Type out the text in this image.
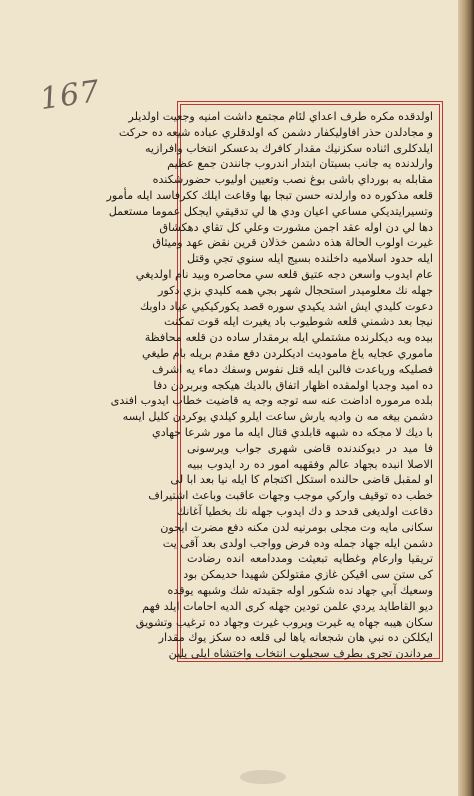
167 اولدقده مكره طرف اعداي لئام مجتمع داشت امنيه وجعيت اولديلر
و مجادلدن حذر افاوليكفار دشمن كه اولدقلري عباده شيعه ده حركت
ايلدكلرى اثناده سكزنيك مقدار كافرك بدعسكر انتخاب وافرازيه
وارلدنده يه جانب بسبتان ابتدار اندروب جانندن جمع عظيم
مقابله به بورداي باشى بوغ نصب وتعيين اوليوب حضورشكنده
قلعه مذكوره ده وارلدنه حسن تبجا بها وقاعت ايلك ككرفاسد ايله مأمور
وتسيرايتديكي مساعي اعيان ودي ها لي تدقيقي ايجكل عموما مستعمل
دها لي دن اوله عقد اجمن مشورت وعلي كل تقاي دهكشاق
غيرت اولوب الحالة هذه دشمن خذلان قرين نقض عهد وميثاق
ايله حدود اسلاميه داخلنده بسيج ايله سنوي تجي وقتل
عام ايدوب واسعن دجه عتيق قلعه سي محاصره وبيد نام اولديغي
جهله نك معلوميدر استحجال شهر بجي همه كليدي بزي دكور
دعوت كليدي ايش اشد يكيدي سوره قصد يكوركيكيي عياد داوبك
نيجا بعد دشمني قلعه شوطيوب باد يغيرت ايله قوت تمكنت
بيده وبه ديكلرنده مشتملي ايله برمقدار ساده دن قلعه محافظة
ماموري عجايه ياغ ماموديت اديكلردن دفع مقدم بريله بام طيغي
فصليكه ورياعدت فالبن ايله قتل نفوس وسفك دماء يه اشرف
ده اميد وجديا اولمقده اظهار اتفاق بالديك هيكجه وبربردن دفا
بلده مرموره اداضت عنه سه توجه وجه يه قاضيت خطاب ايدوب افندى
دشمن بيغه مه ن واديه يارش ساعت ايلرو كيلدي يوكردن كليل ايسه
با ديك لا مجكه ده شبهه قابلدي قتال ايله ما مور شرعا جهادي
فا ميد در ديوكندنده قاضى شهرى جواب ويرسونى
الاصلا انبده بجهاد عالم وفقهيه امور ده رد ايدوب ببيه
او لمقبل قاضى حالنده استكل اكتجام كا ايله نيا بعد ابا لى
خطب ده توقيف واركي موجب وجهات عاقبت وباعث اشتيراف
دقاعت اولديغى قدحد و دك ايدوب جهله نك بخطيا آغانك
سكانى مايه وت مجلى بومرنيه لدن مكنه دفع مضرت ايجون
دشمن ايله جهاد جمله وده فرض وواجب اولدى بعد آقى يت
تريقيا وارعام وغطايه تبعيثت ومددامعه انده رضادت
كى ستن سى اقيكن غازي مقتولكن شهيدا حديمكن بود
وسعيك آبي جهاد نده شكور اوله جقيدته شك وشبهه يوقده
ديو القاطايد يردي علمن تودين جهله كرى الديه احامات ايلد فهم
سكان هيبه جهاه يه غيرت ويروب غيرت وجهاد ده ترغيب وتشويق
ايكلكن ده نبي هان شجعانه ياها لى قلعه ده سكز يوك مقدار
مرداندن تجرى بطرف سجيلوب انتخاب واختشاه ايلى يلين
